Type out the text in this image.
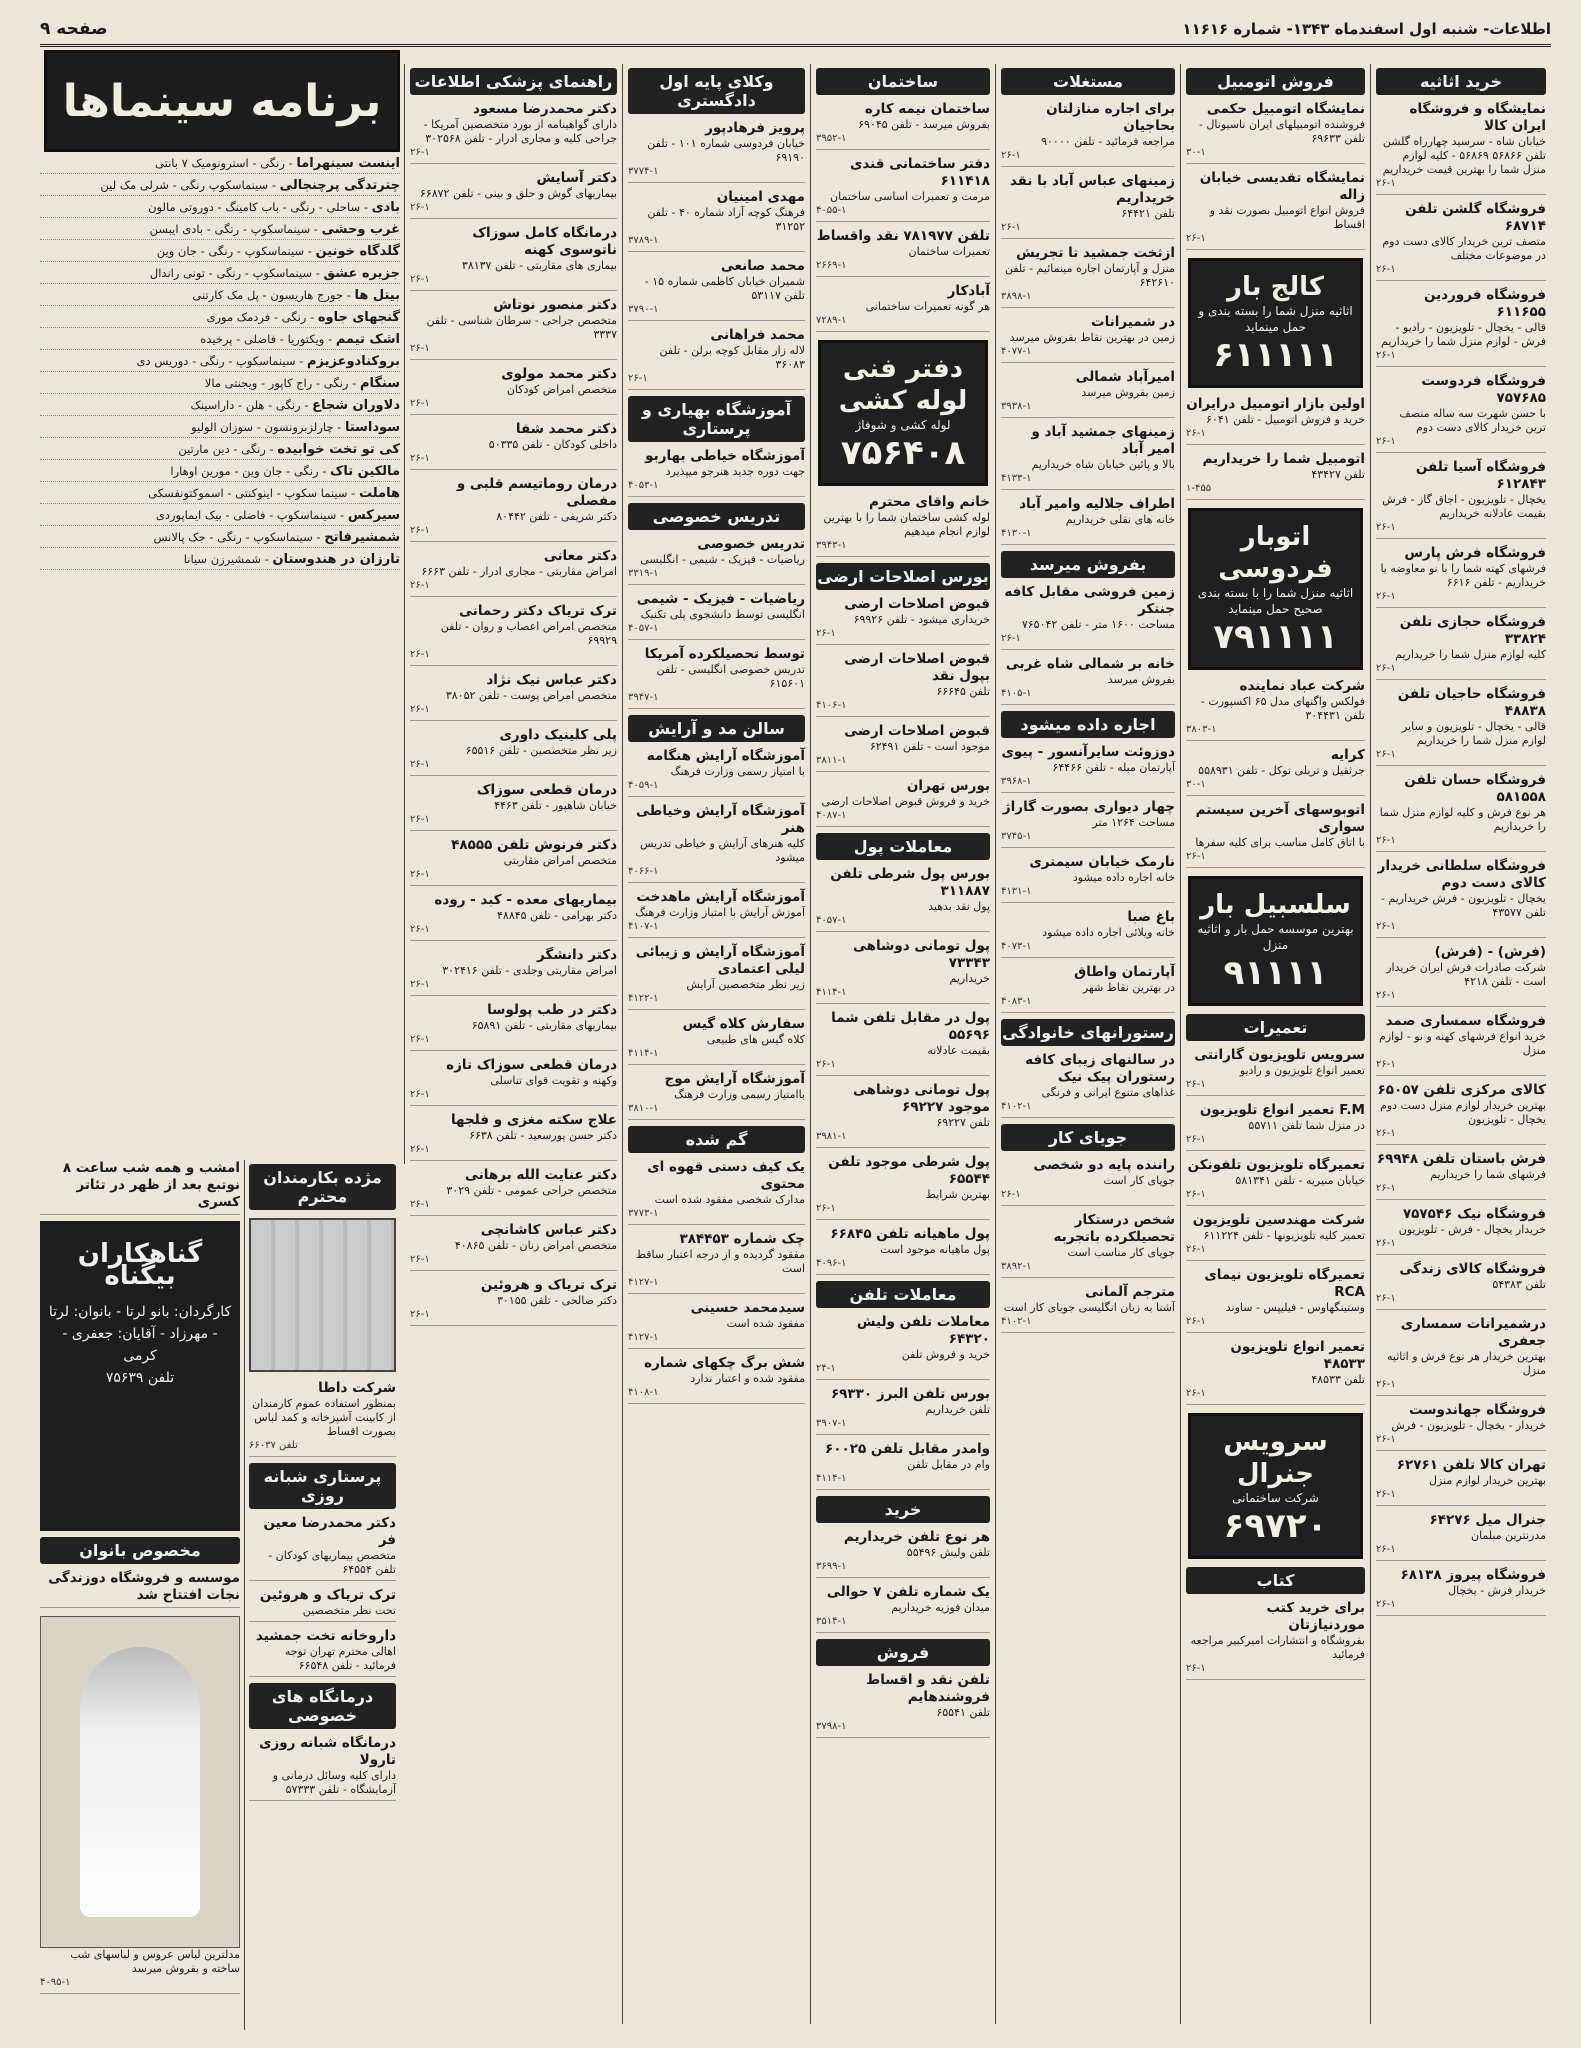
اطلاعات- شنبه اول اسفندماه ۱۳۴۳- شماره ۱۱۶۱۶
صفحه ۹
خرید اثاثیه
نمایشگاه و فروشگاه ایران کالا
خیابان شاه - سرسید چهارراه گلشن تلفن ۵۶۸۶۶ ۵۶۸۶۹ - کلیه لوازم منزل شما را بهترین قیمت خریداریم
۲۶-۱
فروشگاه گلشن تلفن ۶۸۷۱۴
متصف ترین خریدار کالای دست دوم در موضوعات مختلف
۲۶-۱
فروشگاه فروردین ۶۱۱۶۵۵
قالی - یخچال - تلویزیون - رادیو - فرش - لوازم منزل شما را خریداریم
۲۶-۱
فروشگاه فردوست ۷۵۷۶۸۵
با حسن شهرت سه ساله منصف ترین خریدار کالای دست دوم
۲۶-۱
فروشگاه آسیا تلفن ۶۱۲۸۴۳
یخچال - تلویزیون - اجاق گاز - فرش بقیمت عادلانه خریداریم
۲۶-۱
فروشگاه فرش پارس
فرشهای کهنه شما را با نو معاوضه یا خریداریم - تلفن ۶۶۱۶
۲۶-۱
فروشگاه حجازی تلفن ۳۳۸۲۴
کلیه لوازم منزل شما را خریداریم
۲۶-۱
فروشگاه حاجیان تلفن ۴۸۸۳۸
قالی - یخچال - تلویزیون و سایر لوازم منزل شما را خریداریم
۲۶-۱
فروشگاه حسان تلفن ۵۸۱۵۵۸
هر نوع فرش و کلیه لوازم منزل شما را خریداریم
۲۶-۱
فروشگاه سلطانی خریدار کالای دست دوم
یخچال - تلویزیون - فرش خریداریم - تلفن ۴۳۵۷۷
۲۶-۱
(فرش) - (فرش)
شرکت صادرات فرش ایران خریدار است - تلفن ۴۲۱۸
۲۶-۱
فروشگاه سمساری صمد
خرید انواع فرشهای کهنه و نو - لوازم منزل
۲۶-۱
کالای مرکزی تلفن ۶۵۰۵۷
بهترین خریدار لوازم منزل دست دوم یخچال - تلویزیون
۲۶-۱
فرش باستان تلفن ۶۹۹۴۸
فرشهای شما را خریداریم
۲۶-۱
فروشگاه نیک ۷۵۷۵۴۶
خریدار یخچال - فرش - تلویزیون
۲۶-۱
فروشگاه کالای زندگی
تلفن ۵۴۳۸۳
۲۶-۱
درشمیرانات سمساری جعفری
بهترین خریدار هر نوع فرش و اثاثیه منزل
۲۶-۱
فروشگاه جهاندوست
خریدار - یخچال - تلویزیون - فرش
۲۶-۱
تهران کالا تلفن ۶۲۷۶۱
بهترین خریدار لوازم منزل
۲۶-۱
جنرال میل ۶۴۲۷۶
مدرنترین مبلمان
۲۶-۱
فروشگاه پیروز ۶۸۱۳۸
خریدار فرش - یخچال
۲۶-۱
فروش اتومبیل
نمایشگاه اتومبیل حکمی
فروشنده اتومبیلهای ایران ناسیونال - تلفن ۶۹۶۳۳
۳۰-۱
نمایشگاه تقدیسی خیابان زاله
فروش انواع اتومبیل بصورت نقد و اقساط
۲۶-۱
کالج بار
اثاثیه منزل شما را بسته بندی و حمل مینماید
۶۱۱۱۱۱
اولین بازار اتومبیل درایران
خرید و فروش اتومبیل - تلفن ۶۰۴۱
۲۶-۱
اتومبیل شما را خریداریم
تلفن ۴۳۴۲۷
۱-۴۵۵
اتوبار فردوسی
اثاثیه منزل شما را با بسته بندی صحیح حمل مینماید
۷۹۱۱۱۱
شرکت عباد نماینده
فولکس واگنهای مدل ۶۵ اکسپورت - تلفن ۳۰۴۴۳۱
۳۸۰۳-۱
کرایه
جرثقیل و تریلی توکل - تلفن ۵۵۸۹۳۱
۳۰-۱
اتوبوسهای آخرین سیستم سواری
با اتاق کامل مناسب برای کلیه سفرها
۲۶-۱
سلسبیل بار
بهترین موسسه حمل بار و اثاثیه منزل
۹۱۱۱۱
تعمیرات
سرویس تلویزیون گارانتی
تعمیر انواع تلویزیون و رادیو
۲۶-۱
F.M تعمیر انواع تلویزیون
در منزل شما تلفن ۵۵۷۱۱
۲۶-۱
تعمیرگاه تلویزیون تلفونکن
خیابان منیریه - تلفن ۵۸۱۳۴۱
۲۶-۱
شرکت مهندسین تلویزیون
تعمیر کلیه تلویزیونها - تلفن ۶۱۱۲۲۴
۲۶-۱
تعمیرگاه تلویزیون نیمای RCA
وستینگهاوس - فیلیپس - ساوند
۲۶-۱
تعمیر انواع تلویزیون ۴۸۵۳۳
تلفن ۴۸۵۳۳
۲۶-۱
سرویس جنرال
شرکت ساختمانی
۶۹۷۲۰
کتاب
برای خرید کتب موردنیازتان
بفروشگاه و انتشارات امیرکبیر مراجعه فرمائید
۲۶-۱
مستغلات
برای اجاره منازلتان بحاجیان
مراجعه فرمائید - تلفن ۹۰۰۰۰
۲۶-۱
زمینهای عباس آباد با نقد خریداریم
تلفن ۶۴۴۲۱
۲۶-۱
ازثخت جمشید تا تجریش
منزل و آپارتمان اجاره مینمائیم - تلفن ۶۴۲۶۱۰
۳۸۹۸-۱
در شمیرانات
زمین در بهترین نقاط بفروش میرسد
۴۰۷۷-۱
امیرآباد شمالی
زمین بفروش میرسد
۳۹۳۸-۱
زمینهای جمشید آباد و امیر آباد
بالا و پائین خیابان شاه خریداریم
۴۱۳۳-۱
اطراف جلالیه وامیر آباد
خانه های نقلی خریداریم
۴۱۳۰-۱
بفروش میرسد
زمین فروشی مقابل کافه جنتکر
مساحت ۱۶۰۰ متر - تلفن ۷۶۵۰۴۲
۲۶-۱
خانه بر شمالی شاه غربی
بفروش میرسد
۴۱۰۵-۱
اجاره داده میشود
دوزوئت سایرآنسور - پیوی
آپارتمان مبله - تلفن ۶۴۴۶۶
۳۹۶۸-۱
چهار دیواری بصورت گاراژ
مساحت ۱۲۶۴ متر
۳۷۴۵-۱
نارمک خیابان سیمتری
خانه اجاره داده میشود
۴۱۳۱-۱
باغ صبا
خانه ویلائی اجاره داده میشود
۴۰۷۳-۱
آپارتمان واطاق
در بهترین نقاط شهر
۴۰۸۳-۱
رستورانهای خانوادگی
در سالنهای زیبای کافه رستوران پیک نیک
غذاهای متنوع ایرانی و فرنگی
۴۱۰۲-۱
جویای کار
راننده پایه دو شخصی
جویای کار است
۲۶-۱
شخص درستکار تحصیلکرده باتجربه
جویای کار مناسب است
۳۸۹۲-۱
مترجم آلمانی
آشنا به زبان انگلیسی جویای کار است
۴۱۰۲-۱
ساختمان
ساختمان نیمه کاره
بفروش میرسد - تلفن ۶۹۰۴۵
۳۹۵۲-۱
دفتر ساختمانی قندی ۶۱۱۴۱۸
مرمت و تعمیرات اساسی ساختمان
۴۰۵۵-۱
تلفن ۷۸۱۹۷۷ نقد واقساط
تعمیرات ساختمان
۲۶۶۹-۱
آبادکار
هر گونه تعمیرات ساختمانی
۷۲۸۹-۱
دفتر فنی لوله کشی
لوله کشی و شوفاژ
۷۵۶۴۰۸
خانم واقای محترم
لوله کشی ساختمان شما را با بهترین لوازم انجام میدهیم
۳۹۴۳-۱
بورس اصلاحات ارضی
قبوض اصلاحات ارضی
خریداری میشود - تلفن ۶۹۹۲۶
۲۶-۱
قبوض اصلاحات ارضی بپول نقد
تلفن ۶۶۶۴۵
۴۱۰۶-۱
قبوض اصلاحات ارضی
موجود است - تلفن ۶۲۴۹۱
۳۸۱۱-۱
بورس تهران
خرید و فروش قبوض اصلاحات ارضی
۴۰۸۷-۱
معاملات پول
بورس پول شرطی تلفن ۳۱۱۸۸۷
پول نقد بدهید
۴۰۵۷-۱
پول تومانی دوشاهی ۷۳۳۴۳
خریداریم
۴۱۱۴-۱
پول در مقابل تلفن شما ۵۵۶۹۶
بقیمت عادلانه
۲۶-۱
پول تومانی دوشاهی موجود ۶۹۲۲۷
تلفن ۶۹۲۲۷
۳۹۸۱-۱
پول شرطی موجود تلفن ۶۵۵۴۴
بهترین شرایط
۲۶-۱
پول ماهیانه تلفن ۶۶۸۴۵
پول ماهیانه موجود است
۴۰۹۶-۱
معاملات تلفن
معاملات تلفن ولیش ۶۴۳۲۰
خرید و فروش تلفن
۲۴-۱
بورس تلفن البرز ۶۹۳۳۰
تلفن خریداریم
۳۹۰۷-۱
وامدر مقابل تلفن ۶۰۰۲۵
وام در مقابل تلفن
۴۱۱۴-۱
خرید
هر نوع تلفن خریداریم
تلفن ولیش ۵۵۴۹۶
۳۶۹۹-۱
یک شماره تلفن ۷ حوالی
میدان فوزیه خریداریم
۳۵۱۴-۱
فروش
تلفن نقد و اقساط فروشندهایم
تلفن ۶۵۵۴۱
۳۷۹۸-۱
وکلای پایه اول دادگستری
پرویز فرهادپور
خیابان فردوسی شماره ۱۰۱ - تلفن ۶۹۱۹۰
۳۷۷۴-۱
مهدی امینیان
فرهنگ کوچه آزاد شماره ۴۰ - تلفن ۳۱۲۵۲
۳۷۸۹-۱
محمد صانعی
شمیران خیابان کاظمی شماره ۱۵ - تلفن ۵۳۱۱۷
۳۷۹۰-۱
محمد فراهانی
لاله زار مقابل کوچه برلن - تلفن ۳۶۰۸۳
۲۶-۱
آموزشگاه بهیاری و پرستاری
آموزشگاه خیاطی بهاربو
جهت دوره جدید هنرجو میپذیرد
۴۰۵۳-۱
تدریس خصوصی
تدریس خصوصی
ریاضیات - فیزیک - شیمی - انگلیسی
۳۳۱۹-۱
ریاضیات - فیزیک - شیمی
انگلیسی توسط دانشجوی پلی تکنیک
۴۰۵۷-۱
توسط تحصیلکرده آمریکا
تدریس خصوصی انگلیسی - تلفن ۶۱۵۶۰۱
۳۹۴۷-۱
سالن مد و آرایش
آموزشگاه آرایش هنگامه
با امتیاز رسمی وزارت فرهنگ
۴۰۵۹-۱
آموزشگاه آرایش وخیاطی هنر
کلیه هنرهای آرایش و خیاطی تدریس میشود
۴۰۶۶-۱
آموزشگاه آرایش ماهدخت
آموزش آرایش با امتیاز وزارت فرهنگ
۴۱۰۷-۱
آموزشگاه آرایش و زیبائی لیلی اعتمادی
زیر نظر متخصصین آرایش
۴۱۲۲-۱
سفارش کلاه گیس
کلاه گیس های طبیعی
۴۱۱۴-۱
آموزشگاه آرایش موج
باامتیاز رسمی وزارت فرهنگ
۳۸۱۰-۱
گم شده
یک کیف دستی قهوه ای محتوی
مدارک شخصی مفقود شده است
۳۷۷۳-۱
چک شماره ۳۸۴۴۵۳
مفقود گردیده و از درجه اعتبار ساقط است
۴۱۲۷-۱
سیدمحمد حسینی
مفقود شده است
۴۱۲۷-۱
شش برگ چکهای شماره
مفقود شده و اعتبار ندارد
۴۱۰۸-۱
راهنمای پزشکی اطلاعات
دکتر محمدرضا مسعود
دارای گواهینامه از بورد متخصصین آمریکا - جراحی کلیه و مجاری ادرار - تلفن ۳۰۲۵۶۸
۲۶-۱
دکتر آسایش
بیماریهای گوش و حلق و بینی - تلفن ۶۶۸۷۲
۲۶-۱
درمانگاه کامل سوزاک ناتوسوی کهنه
بیماری های مقاربتی - تلفن ۳۸۱۳۷
۲۶-۱
دکتر منصور نوتاش
متخصص جراحی - سرطان شناسی - تلفن ۳۳۳۷
۲۶-۱
دکتر محمد مولوی
متخصص امراض کودکان
۲۶-۱
دکتر محمد شفا
داخلی کودکان - تلفن ۵۰۳۳۵
۲۶-۱
درمان روماتیسم قلبی و مفصلی
دکتر شریفی - تلفن ۸۰۴۴۲
۲۶-۱
دکتر معانی
امراض مقاربتی - مجاری ادرار - تلفن ۶۶۶۳
۲۶-۱
ترک تریاک دکتر رحمانی
متخصص امراض اعصاب و روان - تلفن ۶۹۹۲۹
۲۶-۱
دکتر عباس نیک نژاد
متخصص امراض پوست - تلفن ۳۸۰۵۲
۲۶-۱
پلی کلینیک داوری
زیر نظر متخصصین - تلفن ۶۵۵۱۶
۲۶-۱
درمان قطعی سوزاک
خیابان شاهپور - تلفن ۴۴۶۳
۲۶-۱
دکتر فرنوش تلفن ۴۸۵۵۵
متخصص امراض مقاربتی
۲۶-۱
بیماریهای معده - کبد - روده
دکتر بهرامی - تلفن ۴۸۸۴۵
۲۶-۱
دکتر دانشگر
امراض مقاربتی وجلدی - تلفن ۳۰۲۴۱۶
۲۶-۱
دکتر در طب پولوسا
بیماریهای مقاربتی - تلفن ۶۵۸۹۱
۲۶-۱
درمان قطعی سوزاک تازه
وکهنه و تقویت قوای تناسلی
۲۶-۱
علاج سکته مغزی و فلجها
دکتر حسن پورسعید - تلفن ۶۶۳۸
۲۶-۱
دکتر عنایت الله برهانی
متخصص جراحی عمومی - تلفن ۳۰۲۹
۲۶-۱
دکتر عباس کاشانچی
متخصص امراض زنان - تلفن ۴۰۸۶۵
۲۶-۱
ترک تریاک و هروئین
دکتر صالحی - تلفن ۳۰۱۵۵
۲۶-۱
برنامه سینماها
اینست سینهراما - رنگی - استرونومیک ۷ بانتی
چترتدگی پرچنجالی - سینماسکوپ رنگی - شرلی مک لین
بادی - ساحلی - رنگی - باب کامینگ - دوروتی مالون
غرب وحشی - سینماسکوپ - رنگی - بادی ایبسن
گلدگاه خونین - سینماسکوپ - رنگی - جان وین
جزیره عشق - سینماسکوپ - رنگی - تونی راندال
بیتل ها - جورج هاریسون - پل مک کارتنی
گنجهای جاوه - رنگی - فردمک موری
اشک تیمم - ویکتوریا - فاضلی - پرخیده
بروکنادوعزیزم - سینماسکوپ - رنگی - دوریس دی
سنگام - رنگی - راج کاپور - ویجنتی مالا
دلاوران شجاع - رنگی - هلن - داراسینک
سوداستا - چارلزبرونسون - سوزان الولیو
کی تو تخت خوابیده - رنگی - دین مارتین
مالکین تاک - رنگی - جان وین - مورین اوهارا
هاملت - سینما سکوپ - اینوکنتی - اسموکتونفسکی
سیرکس - سینماسکوپ - فاضلی - بیک ایماپوردی
شمشیرفاتح - سینماسکوپ - رنگی - جک پالانس
تارزان در هندوستان - شمشیرزن سیانا
مژده بکارمندان محترم
شرکت داطا
بمنظور استفاده عموم کارمندان از کابینت آشپزخانه و کمد لباس بصورت اقساط
تلفن ۶۶۰۳۷
پرستاری شبانه روزی
دکتر محمدرضا معین فر
متخصص بیماریهای کودکان - تلفن ۶۴۵۵۴
ترک تریاک و هروئین
تحت نظر متخصصین
داروخانه تخت جمشید
اهالی محترم تهران توجه فرمائید - تلفن ۶۶۵۴۸
درمانگاه های خصوصی
درمانگاه شبانه روزی تارولا
دارای کلیه وسائل درمانی و آزمایشگاه - تلفن ۵۷۳۳۳
امشب و همه شب ساعت ۸ نوتبع بعد از ظهر در تئاتر کسری
گناهکاران بیگناه
کارگردان: بانو لرتا - بانوان: لرتا - مهرزاد - آقایان: جعفری - کرمی
تلفن ۷۵۶۳۹
مخصوص بانوان
موسسه و فروشگاه دوزندگی نجات افتتاح شد
مدلترین لباس عروس و لباسهای شب ساخته و بفروش میرسد
۴۰۹۵-۱
